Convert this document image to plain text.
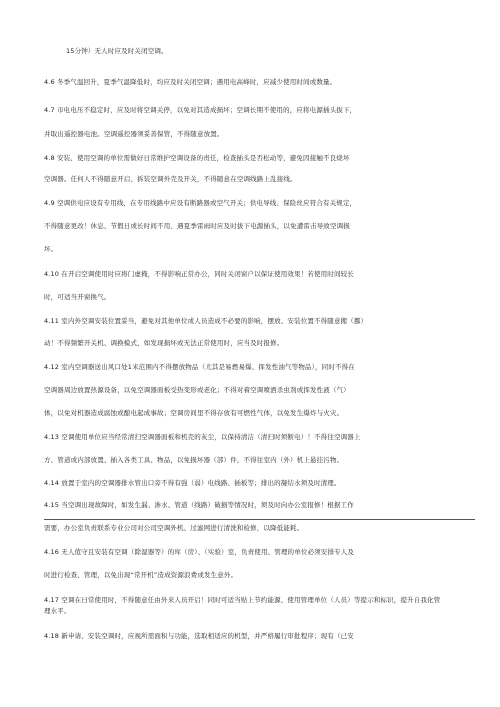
15分钟）无人时应及时关闭空调。
4.6 冬季气温回升，夏季气温降低时，均应及时关闭空调；遇用电高峰时，应减少使用时间或数量。
4.7 市电电压不稳定时，应及时将空调关停，以免对其造成损坏；空调长期不使用的，应将电源插头拔下，
并取出遥控器电池。空调遥控器须妥善保管，不得随意放置。
4.8 安装、使用空调的单位需做好日常维护空调设备的责任，检查插头是否松动等，避免因接触不良烧坏
空调器。任何人不得随意开启、拆装空调外壳及开关，不得随意在空调线路上乱接线。
4.9 空调供电应设有专用线，在专用线路中应设有断路器或空气开关；供电导线、保险丝应符合有关规定，
不得随意更改！休息、节假日或长时间不用、遇夏季雷雨时应及时拔下电源插头，以免遭雷击导致空调损
坏。
4.10 在开启空调使用时应将门虚掩，不得影响正常办公，同时关闭窗户以保证使用效果！若使用时间较长
时，可适当开窗换气。
4.11 室内外空调安装位置妥当，避免对其他单位或人员造成不必要的影响，摆放、安装位置不得随意搬（挪）
动！不得频繁开关机、调换模式，如发现损坏或无法正常使用时，应当及时报修。
4.12 室内空调器送出风口处1米范围内不得摆放物品（尤其是易燃易爆、挥发性油气等物品），同时不得在
空调器周边放置热源设备，以免空调器面板受热变形或老化；不得对着空调喷洒杀虫剂或挥发性液（气）
体，以免对机器造成腐蚀或酿电起成事故；空调房间里不得存放有可燃性气体，以免发生爆炸与火灾。
4.13 空调使用单位应当经常清扫空调器面板和机壳的灰尘，以保持清洁（清扫时须断电）！不得往空调器上
方、管道或内部放置、插入各类工具、物品，以免损坏器（部）件，不得往室内（外）机上悬挂污物。
4.14 放置于室内的空调器排水管出口旁不得有强（弱）电线路、插板等；排出的凝结水须及时清理。
4.15 当空调出现故障时，如发生漏、渗水、管道（线路）破损等情况时，须及时向办公室报修！根据工作
需要，办公室负责联系专业公司对公司空调外机、过滤网进行清洗和检修，以降低能耗。
4.16 无人值守且安装有空调（除湿器等）的库（房）、（实验）室，负责使用、管理的单位必须安排专人及
时进行检查、管理，以免出现“常开机”造成资源浪费或发生意外。
4.17 空调在日常使用时，不得随意任由外来人员开启！同时可适当贴上节约能源、使用管理单位（人员）等提示和标识，提升自我化管
理水平。
4.18 新申请、安装空调时，应视所需面积与功能，选取相适应的机型，并严格履行审批程序；现有（已安
